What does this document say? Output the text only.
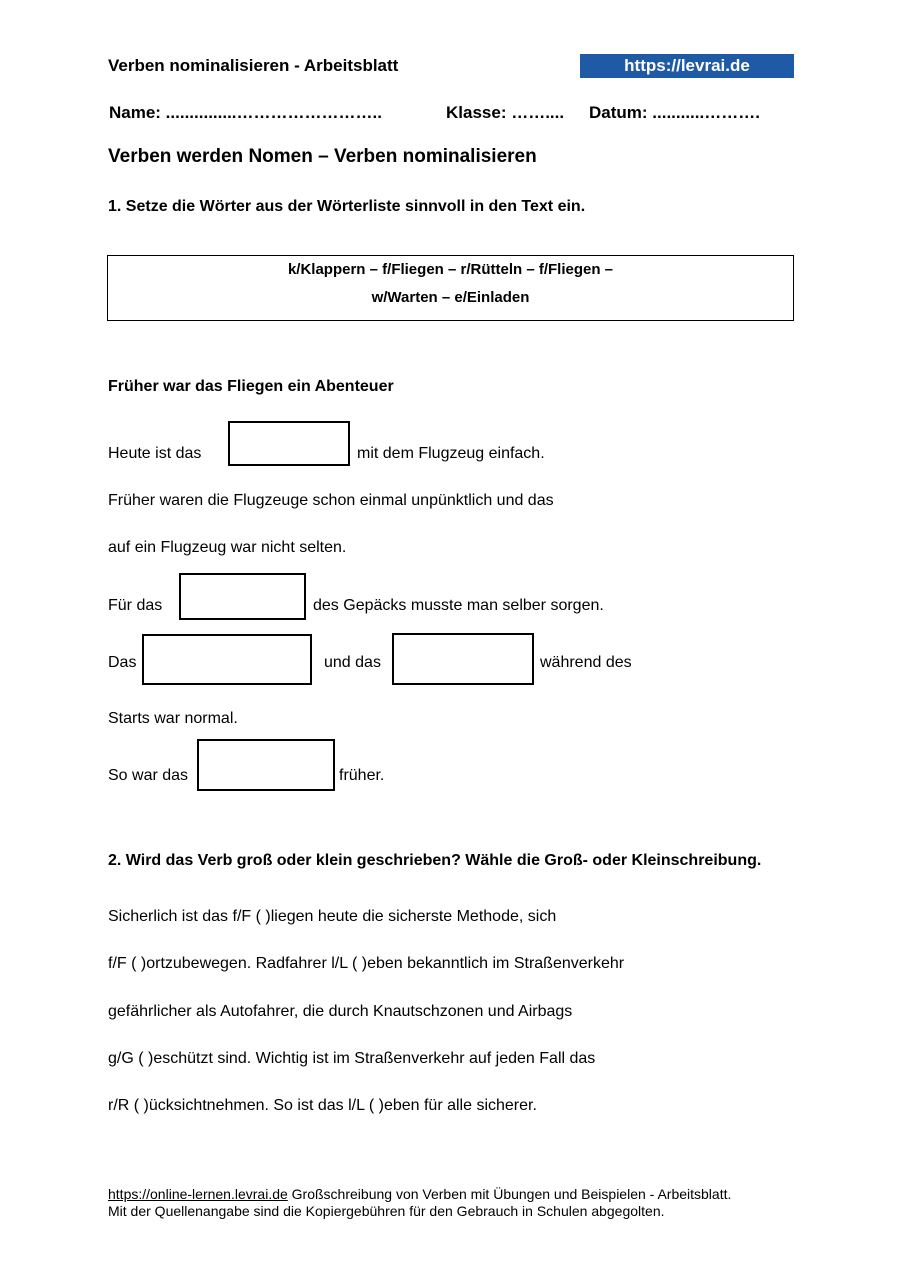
Verben nominalisieren - Arbeitsblatt	https://levrai.de
Name: ...............……………………..	Klasse: …….... Datum: ...........……….
Verben werden Nomen – Verben nominalisieren
1. Setze die Wörter aus der Wörterliste sinnvoll in den Text ein.
k/Klappern – f/Fliegen – r/Rütteln – f/Fliegen –
w/Warten – e/Einladen
Früher war das Fliegen ein Abenteuer
Heute ist das	mit dem Flugzeug einfach.
Früher waren die Flugzeuge schon einmal unpünktlich und das
auf ein Flugzeug war nicht selten.
Für das	des Gepäcks musste man selber sorgen.
Das	und das	während des
Starts war normal.
So war das	früher.
2. Wird das Verb groß oder klein geschrieben? Wähle die Groß- oder Kleinschreibung.
Sicherlich ist das f/F ( )liegen heute die sicherste Methode, sich
f/F ( )ortzubewegen. Radfahrer l/L ( )eben bekanntlich im Straßenverkehr
gefährlicher als Autofahrer, die durch Knautschzonen und Airbags
g/G ( )eschützt sind. Wichtig ist im Straßenverkehr auf jeden Fall das
r/R ( )ücksichtnehmen. So ist das l/L ( )eben für alle sicherer.
https://online-lernen.levrai.de Großschreibung von Verben mit Übungen und Beispielen - Arbeitsblatt.
Mit der Quellenangabe sind die Kopiergebühren für den Gebrauch in Schulen abgegolten.
